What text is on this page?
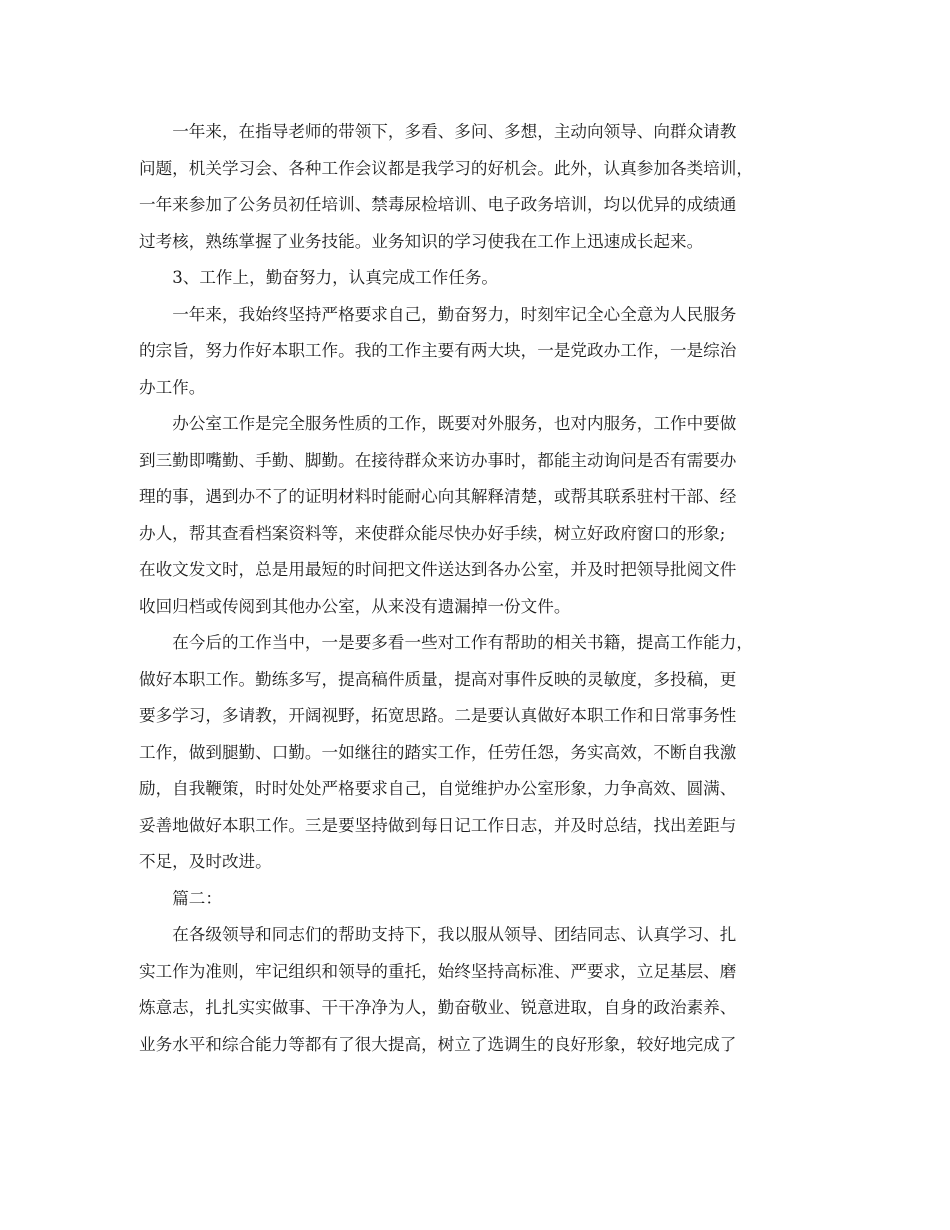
一年来，在指导老师的带领下，多看、多问、多想，主动向领导、向群众请教
问题，机关学习会、各种工作会议都是我学习的好机会。此外，认真参加各类培训，
一年来参加了公务员初任培训、禁毒尿检培训、电子政务培训，均以优异的成绩通
过考核，熟练掌握了业务技能。业务知识的学习使我在工作上迅速成长起来。

3、工作上，勤奋努力，认真完成工作任务。

一年来，我始终坚持严格要求自己，勤奋努力，时刻牢记全心全意为人民服务
的宗旨，努力作好本职工作。我的工作主要有两大块，一是党政办工作，一是综治
办工作。

办公室工作是完全服务性质的工作，既要对外服务，也对内服务，工作中要做
到三勤即嘴勤、手勤、脚勤。在接待群众来访办事时，都能主动询问是否有需要办
理的事，遇到办不了的证明材料时能耐心向其解释清楚，或帮其联系驻村干部、经
办人，帮其查看档案资料等，来使群众能尽快办好手续，树立好政府窗口的形象;
在收文发文时，总是用最短的时间把文件送达到各办公室，并及时把领导批阅文件
收回归档或传阅到其他办公室，从来没有遗漏掉一份文件。

在今后的工作当中，一是要多看一些对工作有帮助的相关书籍，提高工作能力，
做好本职工作。勤练多写，提高稿件质量，提高对事件反映的灵敏度，多投稿，更
要多学习，多请教，开阔视野，拓宽思路。二是要认真做好本职工作和日常事务性
工作，做到腿勤、口勤。一如继往的踏实工作，任劳任怨，务实高效，不断自我激
励，自我鞭策，时时处处严格要求自己，自觉维护办公室形象，力争高效、圆满、
妥善地做好本职工作。三是要坚持做到每日记工作日志，并及时总结，找出差距与
不足，及时改进。

篇二：

在各级领导和同志们的帮助支持下，我以服从领导、团结同志、认真学习、扎
实工作为准则，牢记组织和领导的重托，始终坚持高标准、严要求，立足基层、磨
炼意志，扎扎实实做事、干干净净为人，勤奋敬业、锐意进取，自身的政治素养、
业务水平和综合能力等都有了很大提高，树立了选调生的良好形象，较好地完成了
